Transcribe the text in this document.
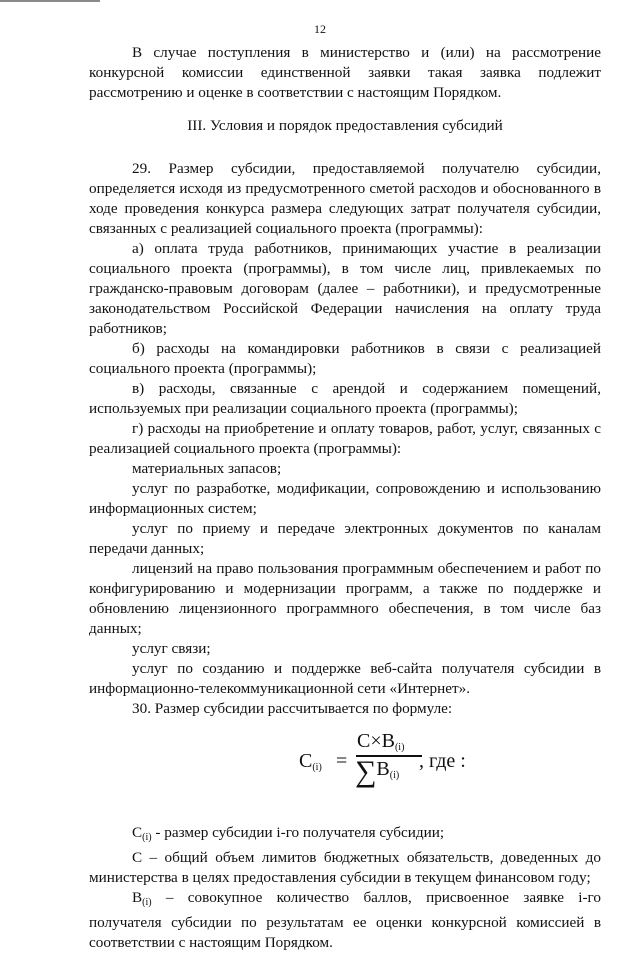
12

В случае поступления в министерство и (или) на рассмотрение конкурсной комиссии единственной заявки такая заявка подлежит рассмотрению и оценке в соответствии с настоящим Порядком.

III. Условия и порядок предоставления субсидий

29. Размер субсидии, предоставляемой получателю субсидии, определяется исходя из предусмотренного сметой расходов и обоснованного в ходе проведения конкурса размера следующих затрат получателя субсидии, связанных с реализацией социального проекта (программы):

а) оплата труда работников, принимающих участие в реализации социального проекта (программы), в том числе лиц, привлекаемых по гражданско-правовым договорам (далее – работники), и предусмотренные законодательством Российской Федерации начисления на оплату труда работников;

б) расходы на командировки работников в связи с реализацией социального проекта (программы);

в) расходы, связанные с арендой и содержанием помещений, используемых при реализации социального проекта (программы);

г) расходы на приобретение и оплату товаров, работ, услуг, связанных с реализацией социального проекта (программы):

материальных запасов;

услуг по разработке, модификации, сопровождению и использованию информационных систем;

услуг по приему и передаче электронных документов по каналам передачи данных;

лицензий на право пользования программным обеспечением и работ по конфигурированию и модернизации программ, а также по поддержке и обновлению лицензионного программного обеспечения, в том числе баз данных;

услуг связи;

услуг по созданию и поддержке веб-сайта получателя субсидии в информационно-телекоммуникационной сети «Интернет».

30. Размер субсидии рассчитывается по формуле:

$C_{(i)}$ =
$C\times B_{(i)}$
$\sum B_{(i)}$
, где :

$C_{(i)}$ - размер субсидии i-го получателя субсидии;

C – общий объем лимитов бюджетных обязательств, доведенных до министерства в целях предоставления субсидии в текущем финансовом году;

$B_{(i)}$ – совокупное количество баллов, присвоенное заявке i-го получателя субсидии по результатам ее оценки конкурсной комиссией в соответствии с настоящим Порядком.
